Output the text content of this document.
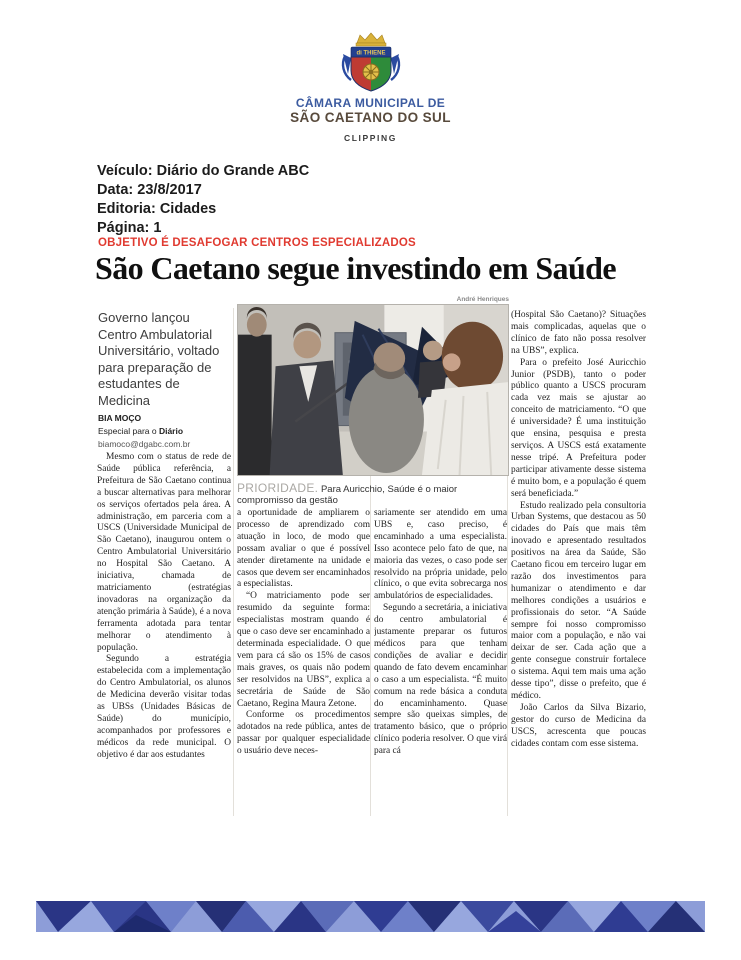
di THIENE
CÂMARA MUNICIPAL DE
SÃO CAETANO DO SUL
CLIPPING
Veículo: Diário do Grande ABC
Data: 23/8/2017
Editoria: Cidades
Página: 1
OBJETIVO É DESAFOGAR CENTROS ESPECIALIZADOS
São Caetano segue investindo em Saúde
Governo lançou Centro Ambulatorial Universitário, voltado para preparação de estudantes de Medicina
BIA MOÇO
Especial para o Diário
biamoco@dgabc.com.br

Mesmo com o status de rede de Saúde pública referência, a Prefeitura de São Caetano continua a buscar alternativas para melhorar os serviços ofertados pela área. A administração, em parceria com a USCS (Universidade Municipal de São Caetano), inaugurou ontem o Centro Ambulatorial Universitário no Hospital São Caetano. A iniciativa, chamada de matriciamento (estratégias inovadoras na organização da atenção primária à Saúde), é a nova ferramenta adotada para tentar melhorar o atendimento à população.

Segundo a estratégia estabelecida com a implementação do Centro Ambulatorial, os alunos de Medicina deverão visitar todas as UBSs (Unidades Básicas de Saúde) do município, acompanhados por professores e médicos da rede municipal. O objetivo é dar aos estudantes

André Henriques
PRIORIDADE. Para Auricchio, Saúde é o maior compromisso da gestão

a oportunidade de ampliarem o processo de aprendizado com atuação in loco, de modo que possam avaliar o que é possível atender diretamente na unidade e casos que devem ser encaminhados a especialistas.

“O matriciamento pode ser resumido da seguinte forma: especialistas mostram quando é que o caso deve ser encaminhado a determinada especialidade. O que vem para cá são os 15% de casos mais graves, os quais não podem ser resolvidos na UBS”, explica a secretária de Saúde de São Caetano, Regina Maura Zetone.

Conforme os procedimentos adotados na rede pública, antes de passar por qualquer especialidade o usuário deve neces-

sariamente ser atendido em uma UBS e, caso preciso, é encaminhado a uma especialista. Isso acontece pelo fato de que, na maioria das vezes, o caso pode ser resolvido na própria unidade, pelo clínico, o que evita sobrecarga nos ambulatórios de especialidades.

Segundo a secretária, a iniciativa do centro ambulatorial é justamente preparar os futuros médicos para que tenham condições de avaliar e decidir quando de fato devem encaminhar o caso a um especialista. “É muito comum na rede básica a conduta do encaminhamento. Quase sempre são queixas simples, de tratamento básico, que o próprio clínico poderia resolver. O que virá para cá

(Hospital São Caetano)? Situações mais complicadas, aquelas que o clínico de fato não possa resolver na UBS”, explica.

Para o prefeito José Auricchio Junior (PSDB), tanto o poder público quanto a USCS procuram cada vez mais se ajustar ao conceito de matriciamento. “O que é universidade? É uma instituição que ensina, pesquisa e presta serviços. A USCS está exatamente nesse tripé. A Prefeitura poder participar ativamente desse sistema é muito bom, e a população é quem será beneficiada.”

Estudo realizado pela consultoria Urban Systems, que destacou as 50 cidades do País que mais têm inovado e apresentado resultados positivos na área da Saúde, São Caetano ficou em terceiro lugar em razão dos investimentos para humanizar o atendimento e dar melhores condições a usuários e profissionais do setor. “A Saúde sempre foi nosso compromisso maior com a população, e não vai deixar de ser. Cada ação que a gente consegue construir fortalece o sistema. Aqui tem mais uma ação desse tipo”, disse o prefeito, que é médico.

João Carlos da Silva Bizario, gestor do curso de Medicina da USCS, acrescenta que poucas cidades contam com esse sistema.
